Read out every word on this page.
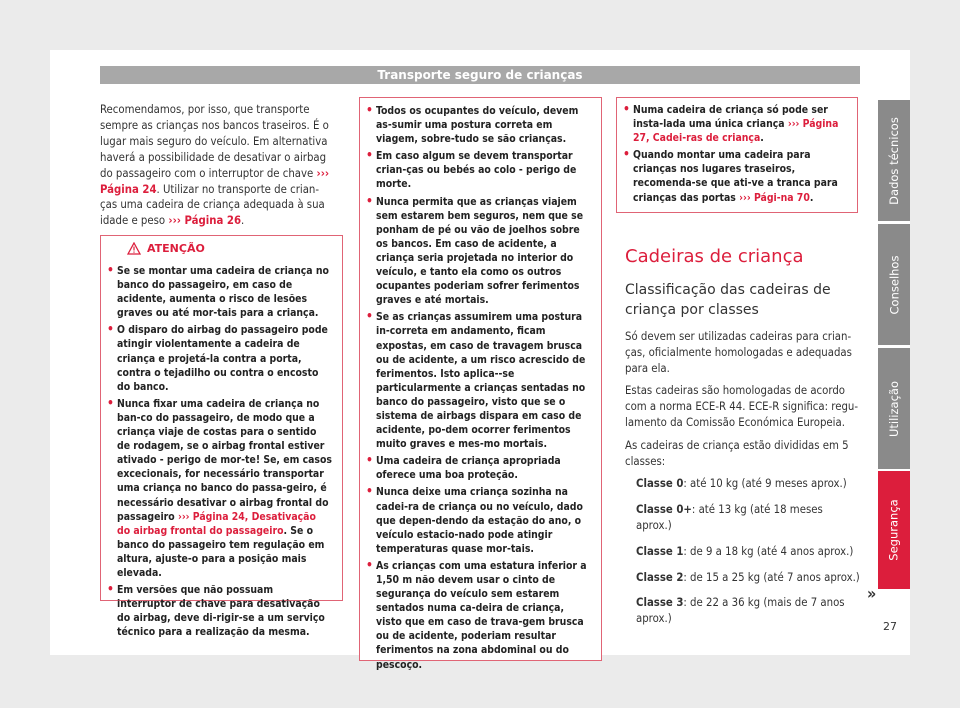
Transporte seguro de crianças

Recomendamos, por isso, que transporte sempre as crianças nos bancos traseiros. É o lugar mais seguro do veículo. Em alternativa haverá a possibilidade de desativar o airbag do passageiro com o interruptor de chave ››› Página 24. Utilizar no transporte de crian-ças uma cadeira de criança adequada à sua idade e peso ››› Página 26.

ATENÇÃO
• Se se montar uma cadeira de criança no banco do passageiro, em caso de acidente, aumenta o risco de lesões graves ou até mor-tais para a criança.
• O disparo do airbag do passageiro pode atingir violentamente a cadeira de criança e projetá-la contra a porta, contra o tejadilho ou contra o encosto do banco.
• Nunca fixar uma cadeira de criança no ban-co do passageiro, de modo que a criança viaje de costas para o sentido de rodagem, se o airbag frontal estiver ativado - perigo de mor-te! Se, em casos excecionais, for necessário transportar uma criança no banco do passa-geiro, é necessário desativar o airbag frontal do passageiro ››› Página 24, Desativação do airbag frontal do passageiro. Se o banco do passageiro tem regulação em altura, ajuste-o para a posição mais elevada.
• Em versões que não possuam interruptor de chave para desativação do airbag, deve di-rigir-se a um serviço técnico para a realização da mesma.
• Todos os ocupantes do veículo, devem as-sumir uma postura correta em viagem, sobre-tudo se são crianças.
• Em caso algum se devem transportar crian-ças ou bebés ao colo - perigo de morte.
• Nunca permita que as crianças viajem sem estarem bem seguros, nem que se ponham de pé ou vão de joelhos sobre os bancos. Em caso de acidente, a criança seria projetada no interior do veículo, e tanto ela como os outros ocupantes poderiam sofrer ferimentos graves e até mortais.
• Se as crianças assumirem uma postura in-correta em andamento, ficam expostas, em caso de travagem brusca ou de acidente, a um risco acrescido de ferimentos. Isto aplica--se particularmente a crianças sentadas no banco do passageiro, visto que se o sistema de airbags dispara em caso de acidente, po-dem ocorrer ferimentos muito graves e mes-mo mortais.
• Uma cadeira de criança apropriada oferece uma boa proteção.
• Nunca deixe uma criança sozinha na cadei-ra de criança ou no veículo, dado que depen-dendo da estação do ano, o veículo estacio-nado pode atingir temperaturas quase mor-tais.
• As crianças com uma estatura inferior a 1,50 m não devem usar o cinto de segurança do veículo sem estarem sentados numa ca-deira de criança, visto que em caso de trava-gem brusca ou de acidente, poderiam resultar ferimentos na zona abdominal ou do pescoço.
• Numa cadeira de criança só pode ser insta-lada uma única criança ››› Página 27, Cadei-ras de criança.
• Quando montar uma cadeira para crianças nos lugares traseiros, recomenda-se que ati-ve a tranca para crianças das portas ››› Pági-na 70.
Cadeiras de criança
Classificação das cadeiras de criança por classes

Só devem ser utilizadas cadeiras para crian-ças, oficialmente homologadas e adequadas para ela.

Estas cadeiras são homologadas de acordo com a norma ECE-R 44. ECE-R significa: regu-lamento da Comissão Económica Europeia.

As cadeiras de criança estão divididas em 5 classes:

Classe 0: até 10 kg (até 9 meses aprox.)

Classe 0+: até 13 kg (até 18 meses aprox.)

Classe 1: de 9 a 18 kg (até 4 anos aprox.)

Classe 2: de 15 a 25 kg (até 7 anos aprox.)

Classe 3: de 22 a 36 kg (mais de 7 anos aprox.)

»
27
Dados técnicos
Conselhos
Utilização
Segurança
